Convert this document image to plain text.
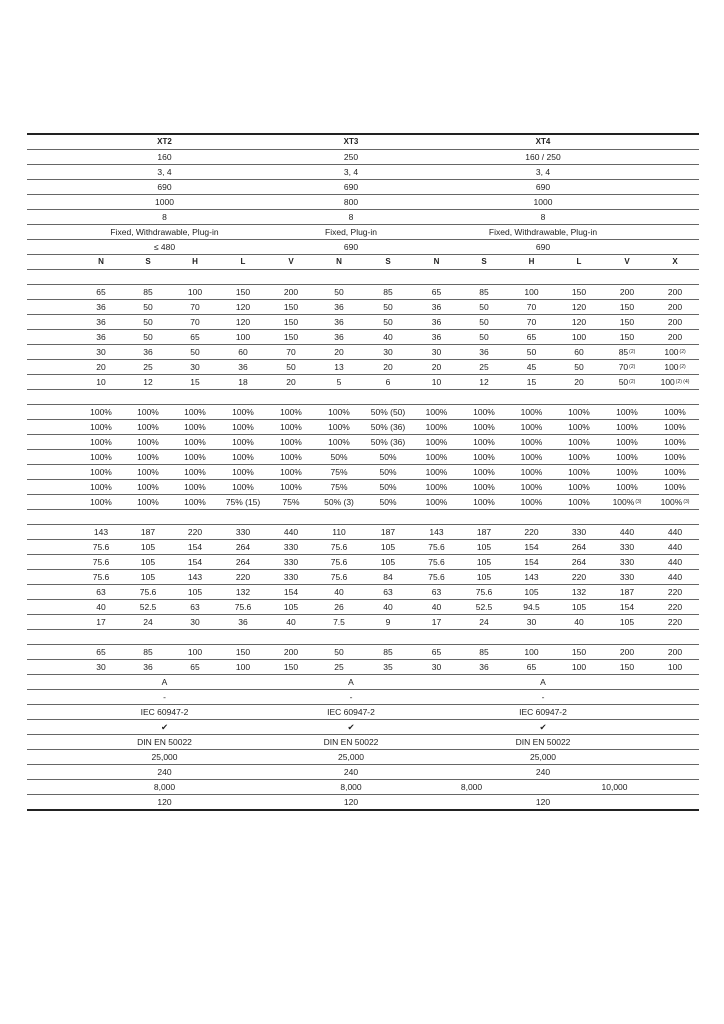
XT2	XT3	XT4
160	250	160 / 250
3, 4	3, 4	3, 4
690	690	690
1000	800	1000
8	8	8
Fixed, Withdrawable, Plug-in	Fixed, Plug-in	Fixed, Withdrawable, Plug-in
≤ 480	690	690
N	S	H	L	V	N	S	N	S	H	L	V	X
65	85	100	150	200	50	85	65	85	100	150	200	200
36	50	70	120	150	36	50	36	50	70	120	150	200
36	50	70	120	150	36	50	36	50	70	120	150	200
36	50	65	100	150	36	40	36	50	65	100	150	200
30	36	50	60	70	20	30	30	36	50	60	85 (2)	100 (2)
20	25	30	36	50	13	20	20	25	45	50	70 (2)	100 (2)
10	12	15	18	20	5	6	10	12	15	20	50 (2)	100 (2) (4)
100%	100%	100%	100%	100%	100%	50% (50)	100%	100%	100%	100%	100%	100%
100%	100%	100%	100%	100%	100%	50% (36)	100%	100%	100%	100%	100%	100%
100%	100%	100%	100%	100%	100%	50% (36)	100%	100%	100%	100%	100%	100%
100%	100%	100%	100%	100%	50%	50%	100%	100%	100%	100%	100%	100%
100%	100%	100%	100%	100%	75%	50%	100%	100%	100%	100%	100%	100%
100%	100%	100%	100%	100%	75%	50%	100%	100%	100%	100%	100%	100%
100%	100%	100%	75% (15)	75%	50% (3)	50%	100%	100%	100%	100%	100% (3)	100% (3)
143	187	220	330	440	110	187	143	187	220	330	440	440
75.6	105	154	264	330	75.6	105	75.6	105	154	264	330	440
75.6	105	154	264	330	75.6	105	75.6	105	154	264	330	440
75.6	105	143	220	330	75.6	84	75.6	105	143	220	330	440
63	75.6	105	132	154	40	63	63	75.6	105	132	187	220
40	52.5	63	75.6	105	26	40	40	52.5	94.5	105	154	220
17	24	30	36	40	7.5	9	17	24	30	40	105	220
65	85	100	150	200	50	85	65	85	100	150	200	200
30	36	65	100	150	25	35	30	36	65	100	150	100
A	A	A
-	-	-
IEC 60947-2	IEC 60947-2	IEC 60947-2
✔	✔	✔
DIN EN 50022	DIN EN 50022	DIN EN 50022
25,000	25,000	25,000
240	240	240
8,000	8,000	8,000	10,000
120	120	120
